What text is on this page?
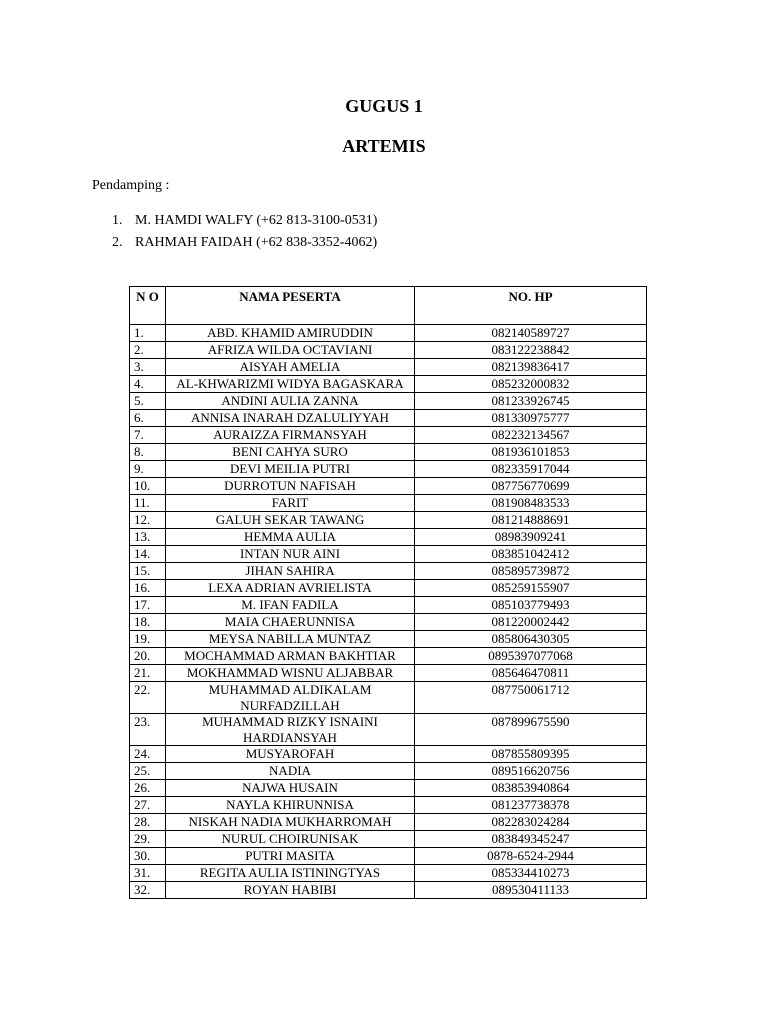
GUGUS 1
ARTEMIS
Pendamping :
1. M. HAMDI WALFY (+62 813-3100-0531)
2. RAHMAH FAIDAH (+62 838-3352-4062)
N O	NAMA PESERTA	NO. HP
1.	ABD. KHAMID AMIRUDDIN	082140589727
2.	AFRIZA WILDA OCTAVIANI	083122238842
3.	AISYAH AMELIA	082139836417
4.	AL-KHWARIZMI WIDYA BAGASKARA	085232000832
5.	ANDINI AULIA ZANNA	081233926745
6.	ANNISA INARAH DZALULIYYAH	081330975777
7.	AURAIZZA FIRMANSYAH	082232134567
8.	BENI CAHYA SURO	081936101853
9.	DEVI MEILIA PUTRI	082335917044
10.	DURROTUN NAFISAH	087756770699
11.	FARIT	081908483533
12.	GALUH SEKAR TAWANG	081214888691
13.	HEMMA AULIA	08983909241
14.	INTAN NUR AINI	083851042412
15.	JIHAN SAHIRA	085895739872
16.	LEXA ADRIAN AVRIELISTA	085259155907
17.	M. IFAN FADILA	085103779493
18.	MAIA CHAERUNNISA	081220002442
19.	MEYSA NABILLA MUNTAZ	085806430305
20.	MOCHAMMAD ARMAN BAKHTIAR	0895397077068
21.	MOKHAMMAD WISNU ALJABBAR	085646470811
22.	MUHAMMAD ALDIKALAM NURFADZILLAH	087750061712
23.	MUHAMMAD RIZKY ISNAINI HARDIANSYAH	087899675590
24.	MUSYAROFAH	087855809395
25.	NADIA	089516620756
26.	NAJWA HUSAIN	083853940864
27.	NAYLA KHIRUNNISA	081237738378
28.	NISKAH NADIA MUKHARROMAH	082283024284
29.	NURUL CHOIRUNISAK	083849345247
30.	PUTRI MASITA	0878-6524-2944
31.	REGITA AULIA ISTININGTYAS	085334410273
32.	ROYAN HABIBI	089530411133
